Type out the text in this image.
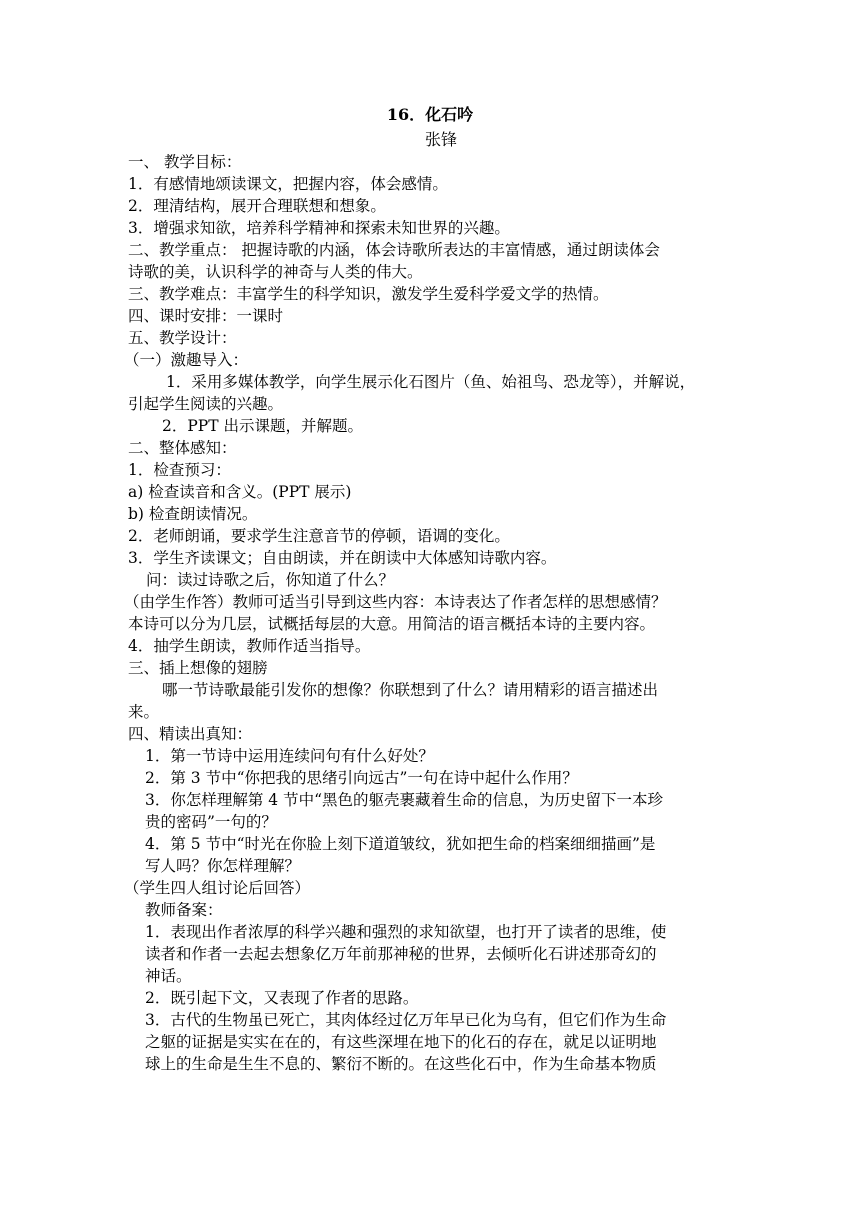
16．化石吟
张锋
一、 教学目标：
1．有感情地颂读课文，把握内容，体会感情。
2．理清结构，展开合理联想和想象。
3．增强求知欲，培养科学精神和探索未知世界的兴趣。
二、教学重点： 把握诗歌的内涵，体会诗歌所表达的丰富情感，通过朗读体会
诗歌的美，认识科学的神奇与人类的伟大。
三、教学难点：丰富学生的科学知识，激发学生爱科学爱文学的热情。
四、课时安排：一课时
五、教学设计：
（一）激趣导入：
1．采用多媒体教学，向学生展示化石图片（鱼、始祖鸟、恐龙等），并解说，
引起学生阅读的兴趣。
2．PPT 出示课题，并解题。
二、整体感知：
1．检查预习：
a) 检查读音和含义。(PPT 展示)
b) 检查朗读情况。
2．老师朗诵，要求学生注意音节的停顿，语调的变化。
3．学生齐读课文；自由朗读，并在朗读中大体感知诗歌内容。
问：读过诗歌之后，你知道了什么？
（由学生作答）教师可适当引导到这些内容：本诗表达了作者怎样的思想感情？
本诗可以分为几层，试概括每层的大意。用简洁的语言概括本诗的主要内容。
4．抽学生朗读，教师作适当指导。
三、插上想像的翅膀
哪一节诗歌最能引发你的想像？你联想到了什么？请用精彩的语言描述出
来。
四、精读出真知：
1．第一节诗中运用连续问句有什么好处？
2．第 3 节中“你把我的思绪引向远古”一句在诗中起什么作用？
3．你怎样理解第 4 节中“黑色的躯壳裹藏着生命的信息，为历史留下一本珍
贵的密码”一句的？
4．第 5 节中“时光在你脸上刻下道道皱纹，犹如把生命的档案细细描画”是
写人吗？你怎样理解？
（学生四人组讨论后回答）
教师备案：
1．表现出作者浓厚的科学兴趣和强烈的求知欲望，也打开了读者的思维，使
读者和作者一去起去想象亿万年前那神秘的世界，去倾听化石讲述那奇幻的
神话。
2．既引起下文，又表现了作者的思路。
3．古代的生物虽已死亡，其肉体经过亿万年早已化为乌有，但它们作为生命
之躯的证据是实实在在的，有这些深埋在地下的化石的存在，就足以证明地
球上的生命是生生不息的、繁衍不断的。在这些化石中，作为生命基本物质
